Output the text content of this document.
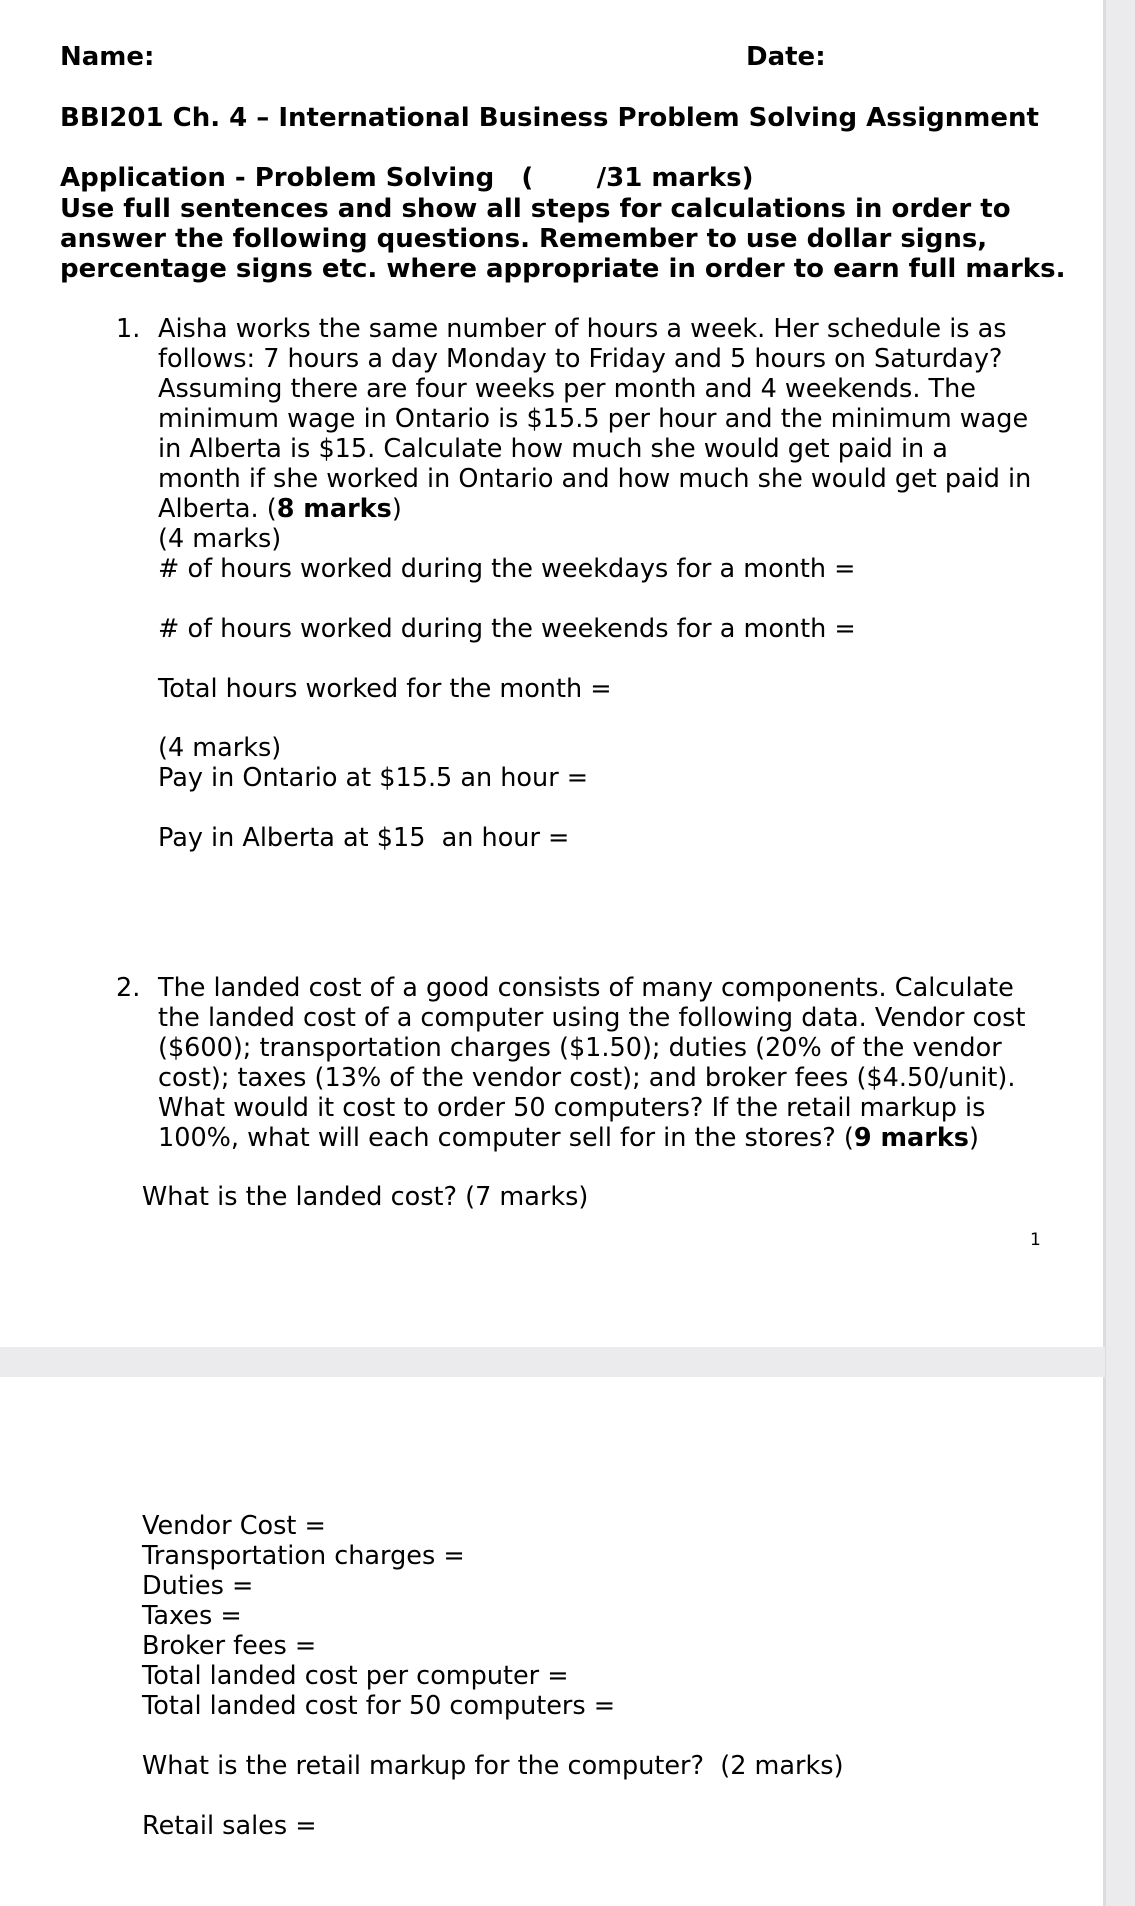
Name:	Date:
BBI201 Ch. 4 – International Business Problem Solving Assignment
Application - Problem Solving   (       /31 marks)
Use full sentences and show all steps for calculations in order to
answer the following questions. Remember to use dollar signs,
percentage signs etc. where appropriate in order to earn full marks.
1. Aisha works the same number of hours a week. Her schedule is as
follows: 7 hours a day Monday to Friday and 5 hours on Saturday?
Assuming there are four weeks per month and 4 weekends. The
minimum wage in Ontario is $15.5 per hour and the minimum wage
in Alberta is $15. Calculate how much she would get paid in a
month if she worked in Ontario and how much she would get paid in
Alberta. (8 marks)
(4 marks)
# of hours worked during the weekdays for a month =
# of hours worked during the weekends for a month =
Total hours worked for the month =
(4 marks)
Pay in Ontario at $15.5 an hour =
Pay in Alberta at $15  an hour =
2. The landed cost of a good consists of many components. Calculate
the landed cost of a computer using the following data. Vendor cost
($600); transportation charges ($1.50); duties (20% of the vendor
cost); taxes (13% of the vendor cost); and broker fees ($4.50/unit).
What would it cost to order 50 computers? If the retail markup is
100%, what will each computer sell for in the stores? (9 marks)
What is the landed cost? (7 marks)
1
Vendor Cost =
Transportation charges =
Duties =
Taxes =
Broker fees =
Total landed cost per computer =
Total landed cost for 50 computers =
What is the retail markup for the computer?  (2 marks)
Retail sales =
